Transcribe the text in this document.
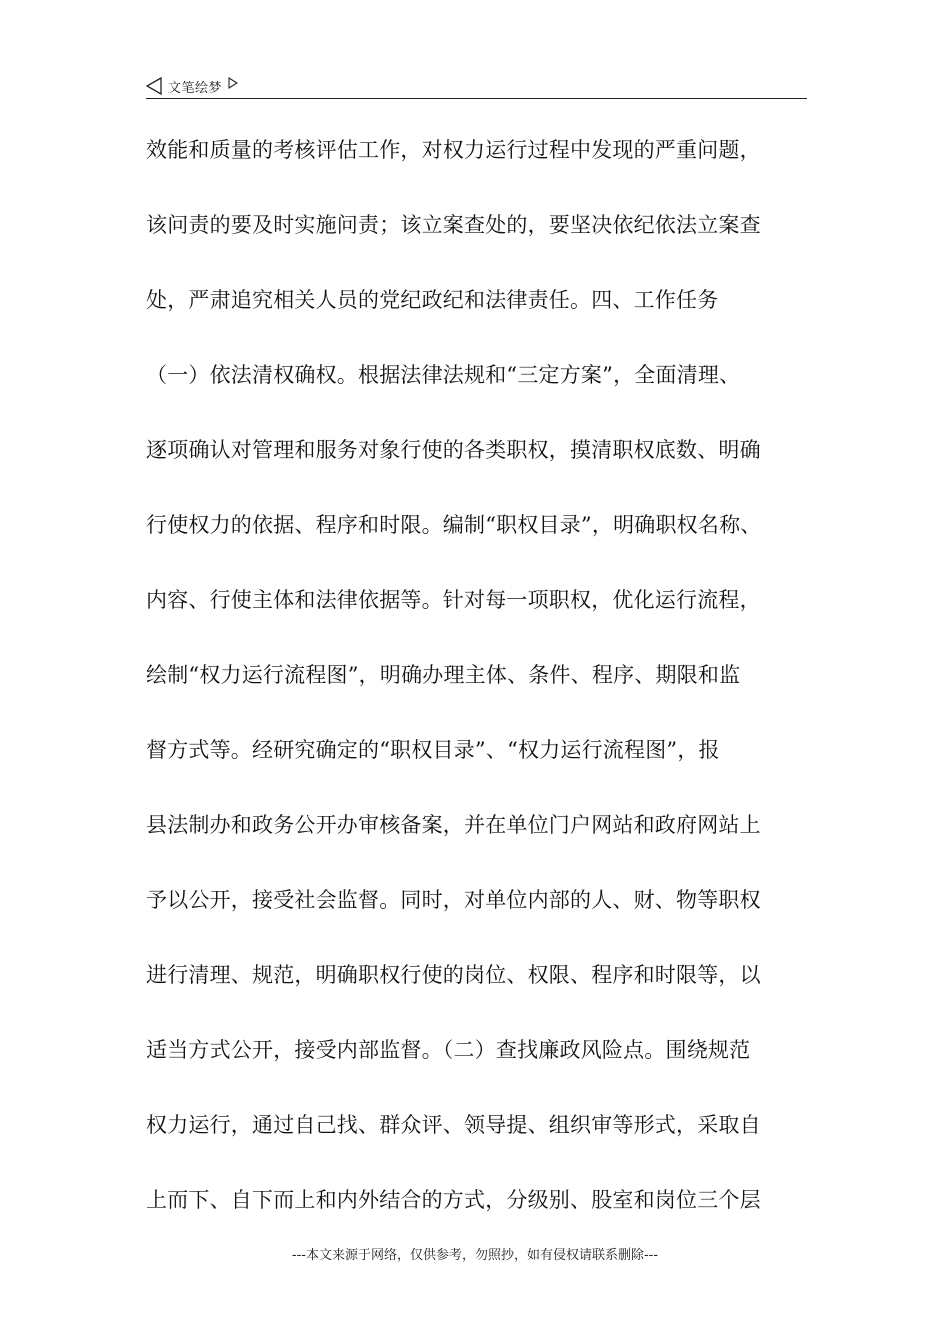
文笔绘梦
效能和质量的考核评估工作，对权力运行过程中发现的严重问题，
该问责的要及时实施问责；该立案查处的，要坚决依纪依法立案查
处，严肃追究相关人员的党纪政纪和法律责任。四、工作任务
（一）依法清权确权。根据法律法规和“三定方案”，全面清理、
逐项确认对管理和服务对象行使的各类职权，摸清职权底数、明确
行使权力的依据、程序和时限。编制“职权目录”，明确职权名称、
内容、行使主体和法律依据等。针对每一项职权，优化运行流程，
绘制“权力运行流程图”，明确办理主体、条件、程序、期限和监
督方式等。经研究确定的“职权目录”、“权力运行流程图”，报
县法制办和政务公开办审核备案，并在单位门户网站和政府网站上
予以公开，接受社会监督。同时，对单位内部的人、财、物等职权
进行清理、规范，明确职权行使的岗位、权限、程序和时限等，以
适当方式公开，接受内部监督。（二）查找廉政风险点。围绕规范
权力运行，通过自己找、群众评、领导提、组织审等形式，采取自
上而下、自下而上和内外结合的方式，分级别、股室和岗位三个层
---本文来源于网络，仅供参考，勿照抄，如有侵权请联系删除---
